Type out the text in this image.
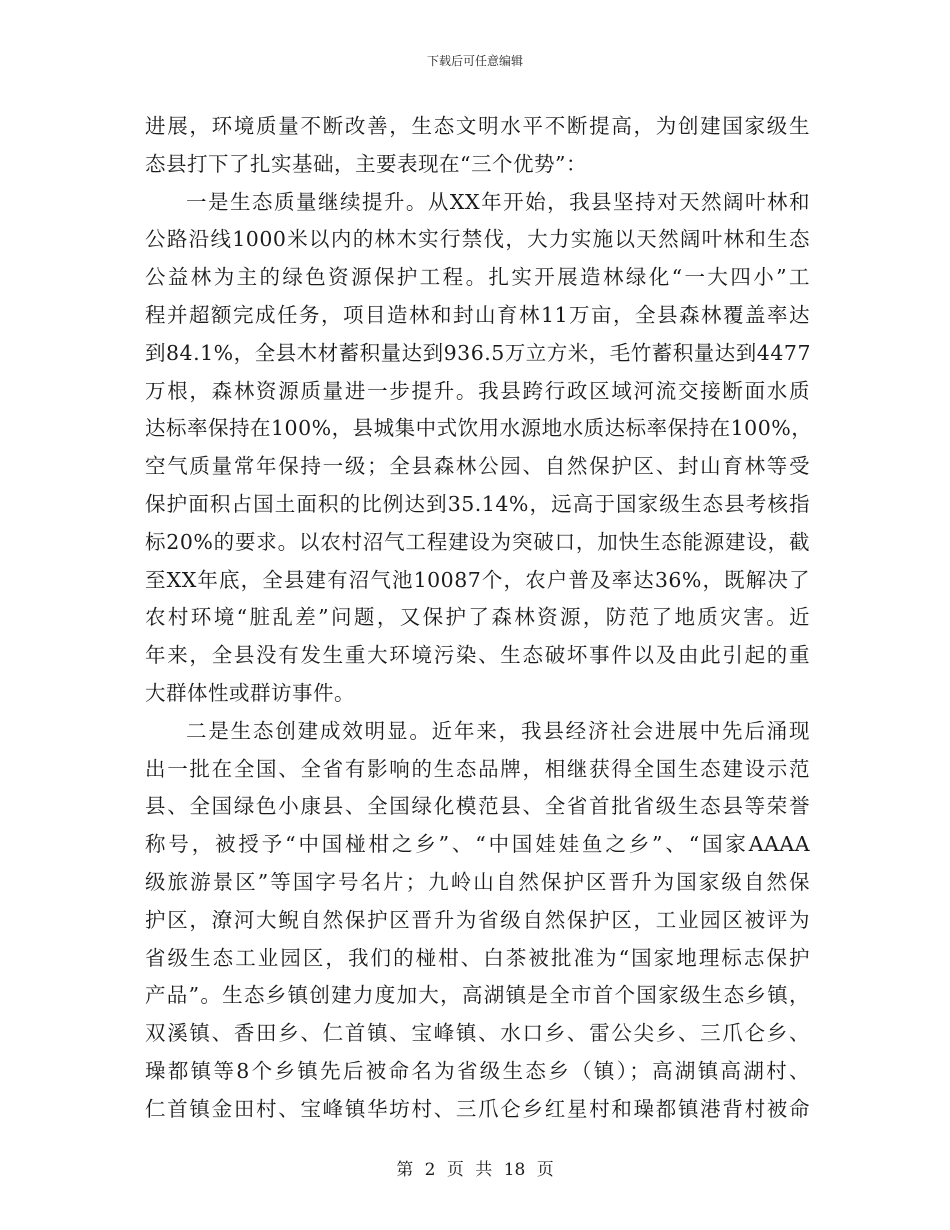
下载后可任意编辑
进展，环境质量不断改善，生态文明水平不断提高，为创建国家级生
态县打下了扎实基础，主要表现在“三个优势”：
一是生态质量继续提升。从XX年开始，我县坚持对天然阔叶林和
公路沿线1000米以内的林木实行禁伐，大力实施以天然阔叶林和生态
公益林为主的绿色资源保护工程。扎实开展造林绿化“一大四小”工
程并超额完成任务，项目造林和封山育林11万亩，全县森林覆盖率达
到84.1%，全县木材蓄积量达到936.5万立方米，毛竹蓄积量达到4477
万根，森林资源质量进一步提升。我县跨行政区域河流交接断面水质
达标率保持在100%，县城集中式饮用水源地水质达标率保持在100%，
空气质量常年保持一级；全县森林公园、自然保护区、封山育林等受
保护面积占国土面积的比例达到35.14%，远高于国家级生态县考核指
标20%的要求。以农村沼气工程建设为突破口，加快生态能源建设，截
至XX年底，全县建有沼气池10087个，农户普及率达36%，既解决了
农村环境“脏乱差”问题，又保护了森林资源，防范了地质灾害。近
年来，全县没有发生重大环境污染、生态破坏事件以及由此引起的重
大群体性或群访事件。
二是生态创建成效明显。近年来，我县经济社会进展中先后涌现
出一批在全国、全省有影响的生态品牌，相继获得全国生态建设示范
县、全国绿色小康县、全国绿化模范县、全省首批省级生态县等荣誉
称号，被授予“中国椪柑之乡”、“中国娃娃鱼之乡”、“国家AAAA
级旅游景区”等国字号名片；九岭山自然保护区晋升为国家级自然保
护区，潦河大鲵自然保护区晋升为省级自然保护区，工业园区被评为
省级生态工业园区，我们的椪柑、白茶被批准为“国家地理标志保护
产品”。生态乡镇创建力度加大，高湖镇是全市首个国家级生态乡镇，
双溪镇、香田乡、仁首镇、宝峰镇、水口乡、雷公尖乡、三爪仑乡、
璪都镇等8个乡镇先后被命名为省级生态乡（镇）；高湖镇高湖村、
仁首镇金田村、宝峰镇华坊村、三爪仑乡红星村和璪都镇港背村被命
第 2 页 共 18 页
